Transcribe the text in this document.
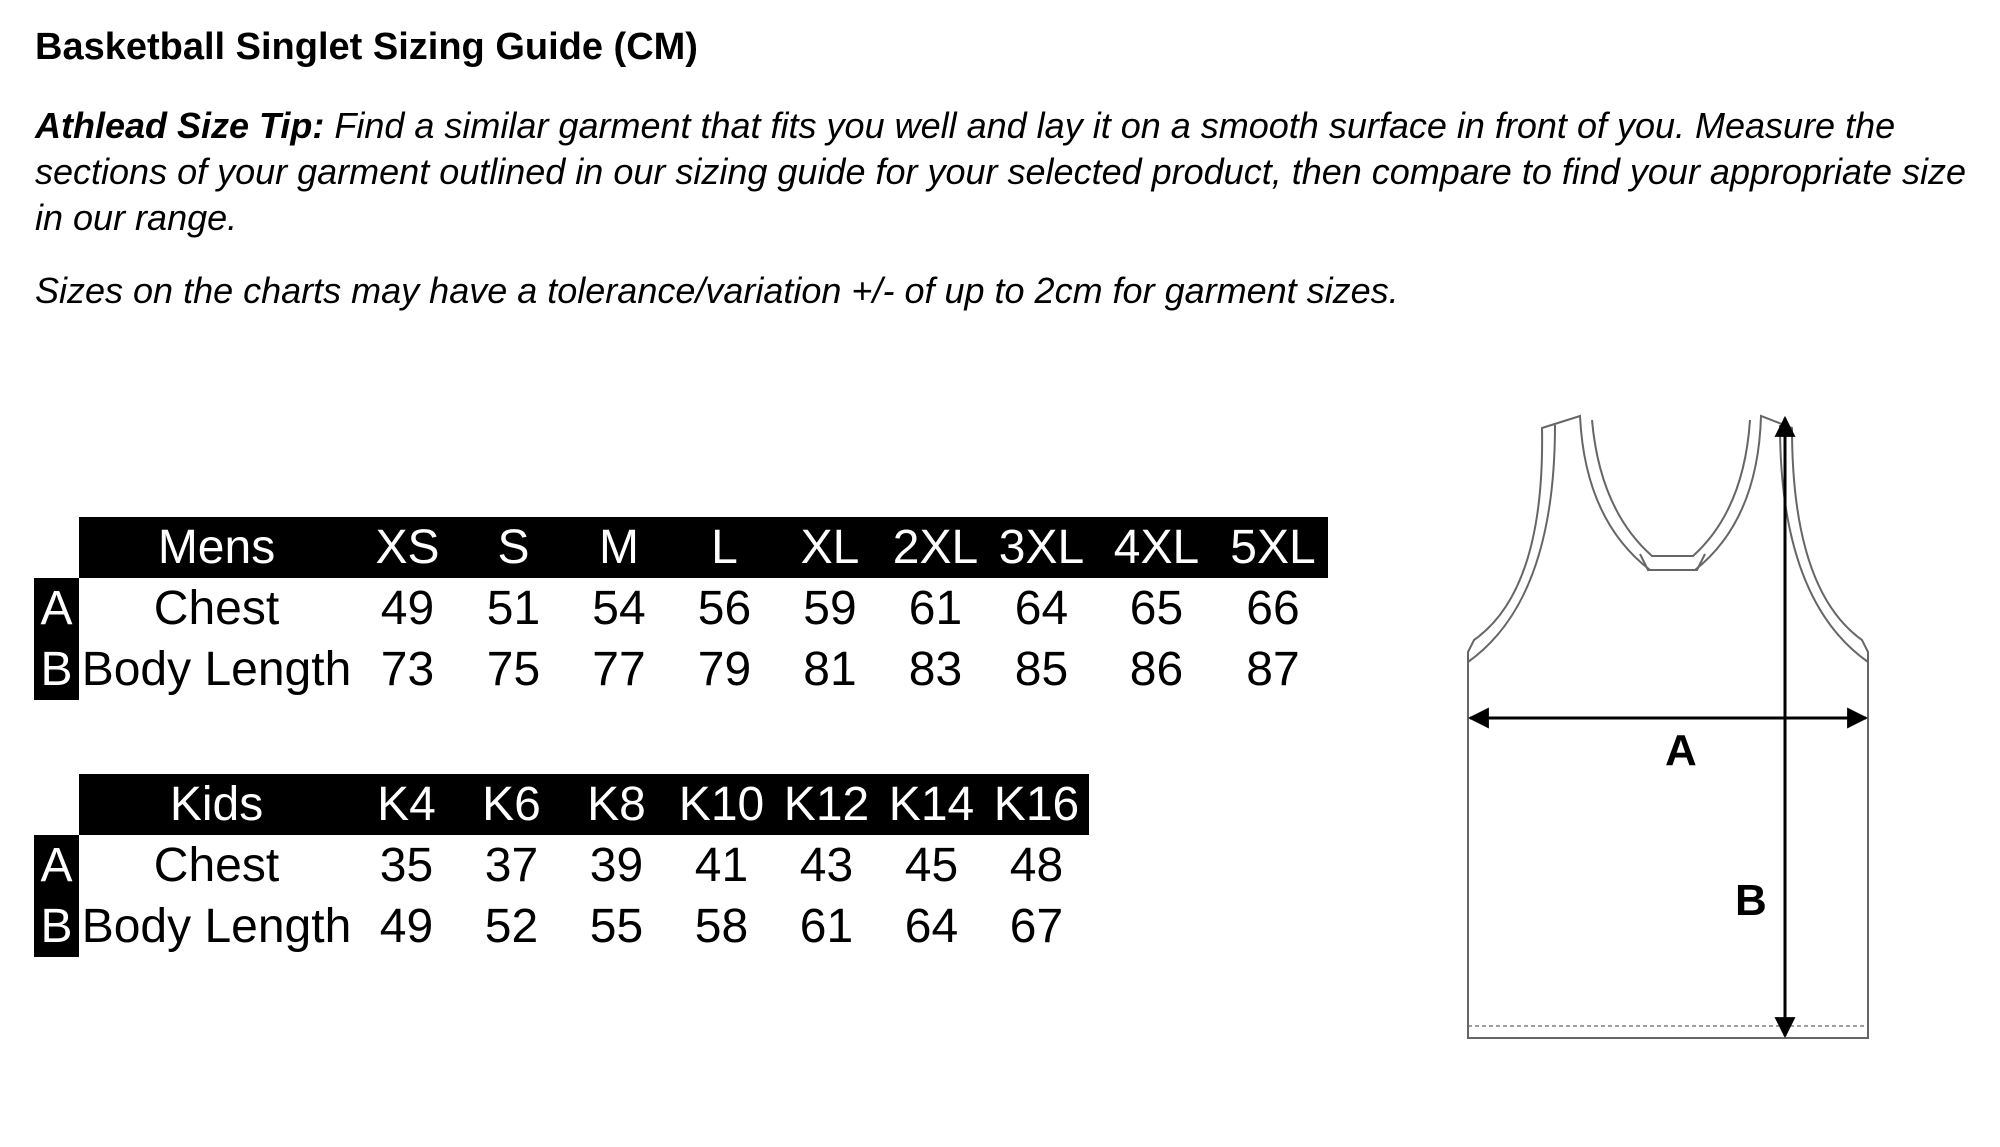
Basketball Singlet Sizing Guide (CM)

Athlead Size Tip: Find a similar garment that fits you well and lay it on a smooth surface in front of you. Measure the sections of your garment outlined in our sizing guide for your selected product, then compare to find your appropriate size in our range.

Sizes on the charts may have a tolerance/variation +/- of up to 2cm for garment sizes.

	Mens	XS	S	M	L	XL	2XL	3XL	4XL	5XL
A	Chest	49	51	54	56	59	61	64	65	66
B	Body Length	73	75	77	79	81	83	85	86	87
	Kids	K4	K6	K8	K10	K12	K14	K16
A	Chest	35	37	39	41	43	45	48
B	Body Length	49	52	55	58	61	64	67
A
B
